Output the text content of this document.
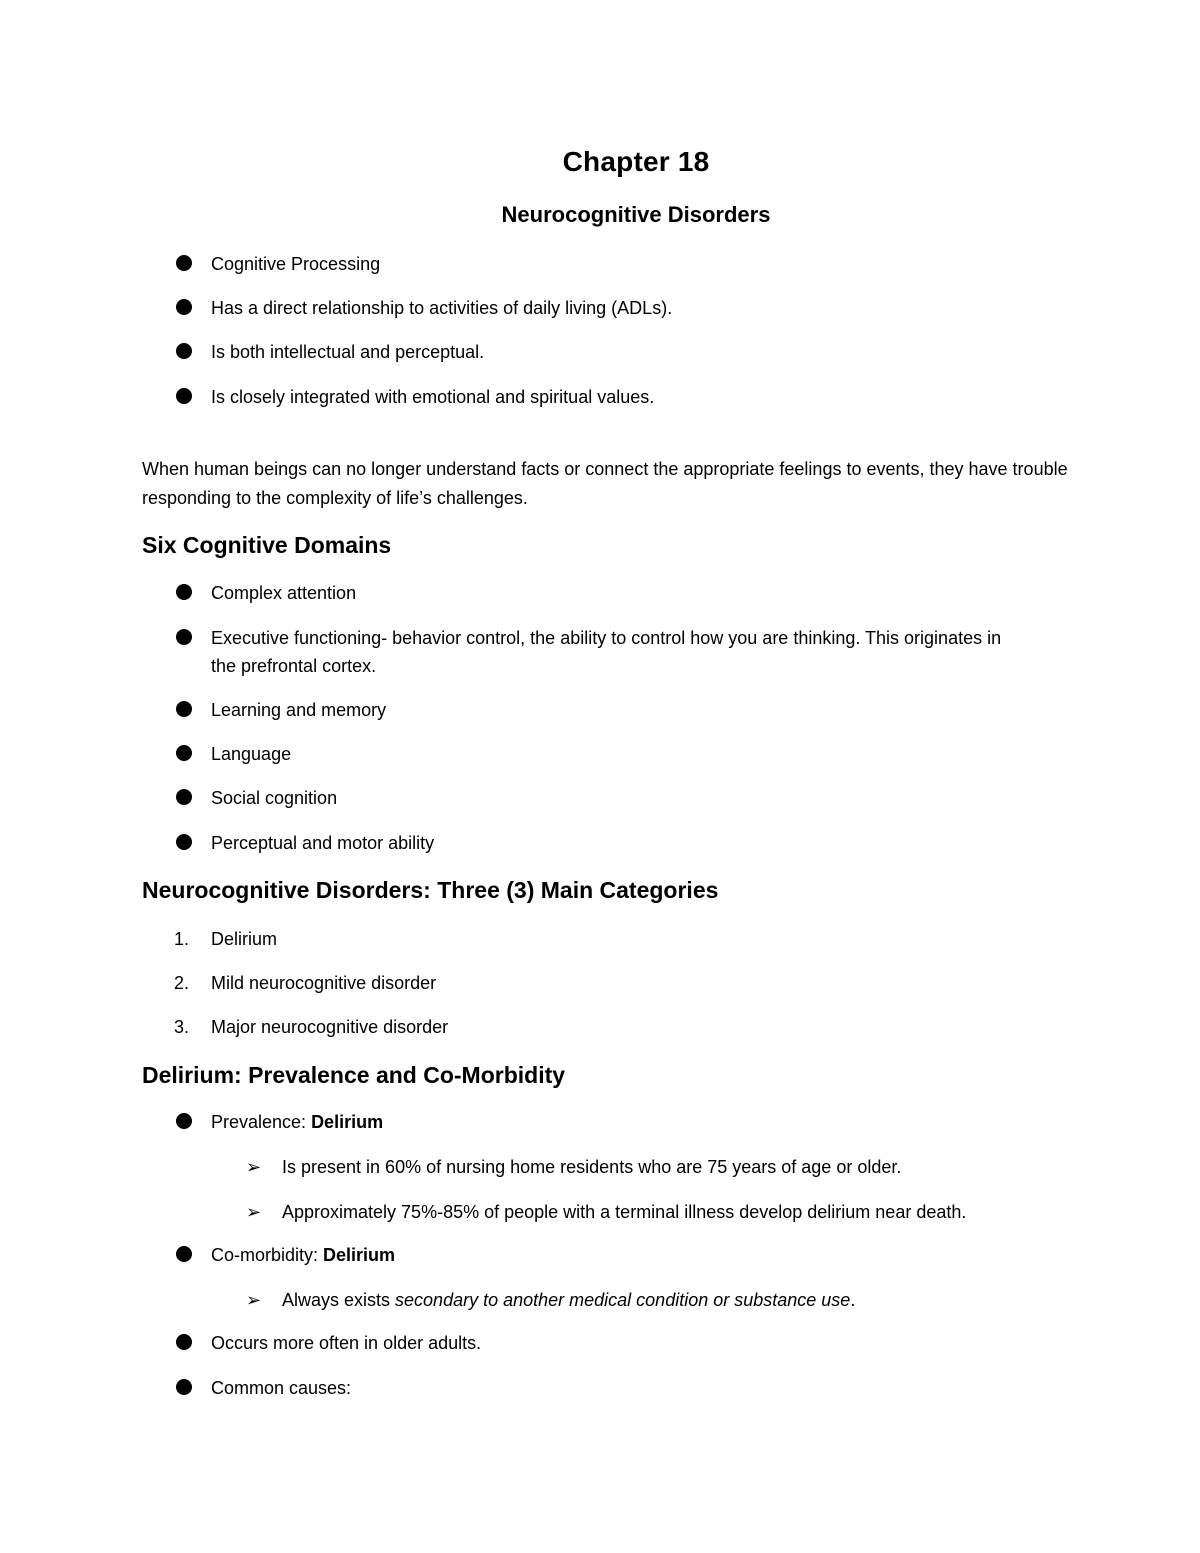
Chapter 18
Neurocognitive Disorders
Cognitive Processing
Has a direct relationship to activities of daily living (ADLs).
Is both intellectual and perceptual.
Is closely integrated with emotional and spiritual values.
When human beings can no longer understand facts or connect the appropriate feelings to events, they have trouble responding to the complexity of life’s challenges.
Six Cognitive Domains
Complex attention
Executive functioning- behavior control, the ability to control how you are thinking. This originates in the prefrontal cortex.
Learning and memory
Language
Social cognition
Perceptual and motor ability
Neurocognitive Disorders: Three (3) Main Categories
1. Delirium
2. Mild neurocognitive disorder
3. Major neurocognitive disorder
Delirium: Prevalence and Co-Morbidity
Prevalence: Delirium
➢ Is present in 60% of nursing home residents who are 75 years of age or older.
➢ Approximately 75%-85% of people with a terminal illness develop delirium near death.
Co-morbidity: Delirium
➢ Always exists secondary to another medical condition or substance use.
Occurs more often in older adults.
Common causes:
